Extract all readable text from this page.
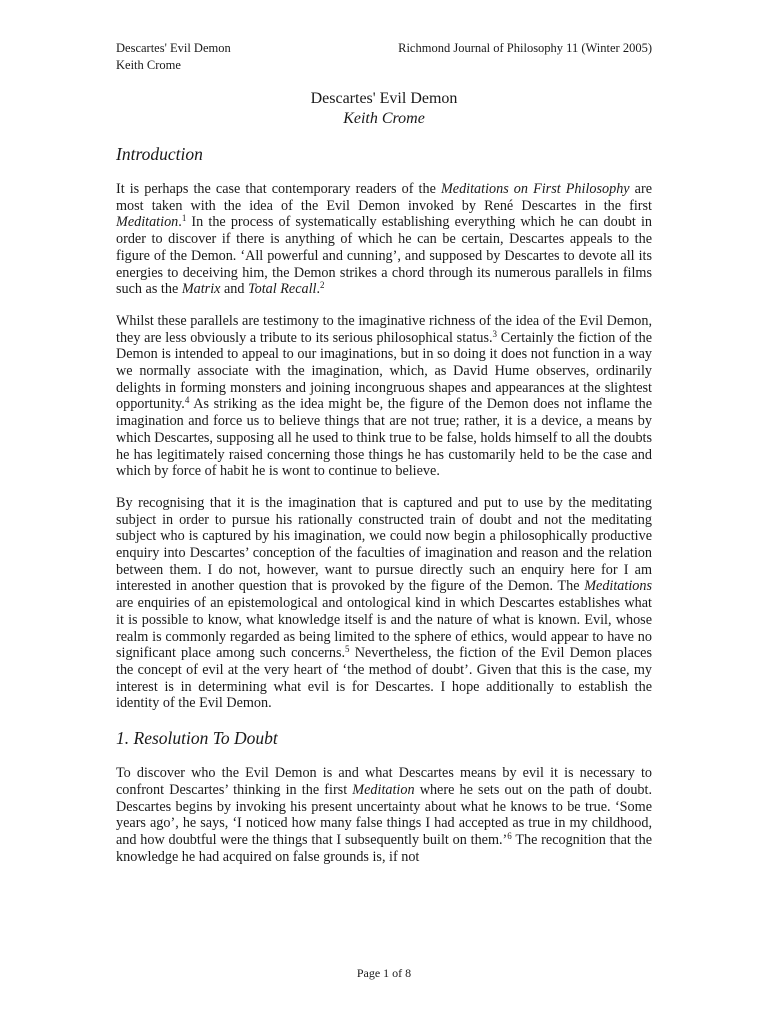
Descartes' Evil Demon	Richmond Journal of Philosophy 11 (Winter 2005)
Keith Crome
Descartes' Evil Demon
Keith Crome
Introduction

It is perhaps the case that contemporary readers of the Meditations on First Philosophy are most taken with the idea of the Evil Demon invoked by René Descartes in the first Meditation.$^1$ In the process of systematically establishing everything which he can doubt in order to discover if there is anything of which he can be certain, Descartes appeals to the figure of the Demon. ‘All powerful and cunning’, and supposed by Descartes to devote all its energies to deceiving him, the Demon strikes a chord through its numerous parallels in films such as the Matrix and Total Recall.$^2$

Whilst these parallels are testimony to the imaginative richness of the idea of the Evil Demon, they are less obviously a tribute to its serious philosophical status.$^3$ Certainly the fiction of the Demon is intended to appeal to our imaginations, but in so doing it does not function in a way we normally associate with the imagination, which, as David Hume observes, ordinarily delights in forming monsters and joining incongruous shapes and appearances at the slightest opportunity.$^4$ As striking as the idea might be, the figure of the Demon does not inflame the imagination and force us to believe things that are not true; rather, it is a device, a means by which Descartes, supposing all he used to think true to be false, holds himself to all the doubts he has legitimately raised concerning those things he has customarily held to be the case and which by force of habit he is wont to continue to believe.

By recognising that it is the imagination that is captured and put to use by the meditating subject in order to pursue his rationally constructed train of doubt and not the meditating subject who is captured by his imagination, we could now begin a philosophically productive enquiry into Descartes’ conception of the faculties of imagination and reason and the relation between them. I do not, however, want to pursue directly such an enquiry here for I am interested in another question that is provoked by the figure of the Demon. The Meditations are enquiries of an epistemological and ontological kind in which Descartes establishes what it is possible to know, what knowledge itself is and the nature of what is known. Evil, whose realm is commonly regarded as being limited to the sphere of ethics, would appear to have no significant place among such concerns.$^5$ Nevertheless, the fiction of the Evil Demon places the concept of evil at the very heart of ‘the method of doubt’. Given that this is the case, my interest is in determining what evil is for Descartes. I hope additionally to establish the identity of the Evil Demon.

1. Resolution To Doubt

To discover who the Evil Demon is and what Descartes means by evil it is necessary to confront Descartes’ thinking in the first Meditation where he sets out on the path of doubt. Descartes begins by invoking his present uncertainty about what he knows to be true. ‘Some years ago’, he says, ‘I noticed how many false things I had accepted as true in my childhood, and how doubtful were the things that I subsequently built on them.’$^6$ The recognition that the knowledge he had acquired on false grounds is, if not

Page 1 of 8
